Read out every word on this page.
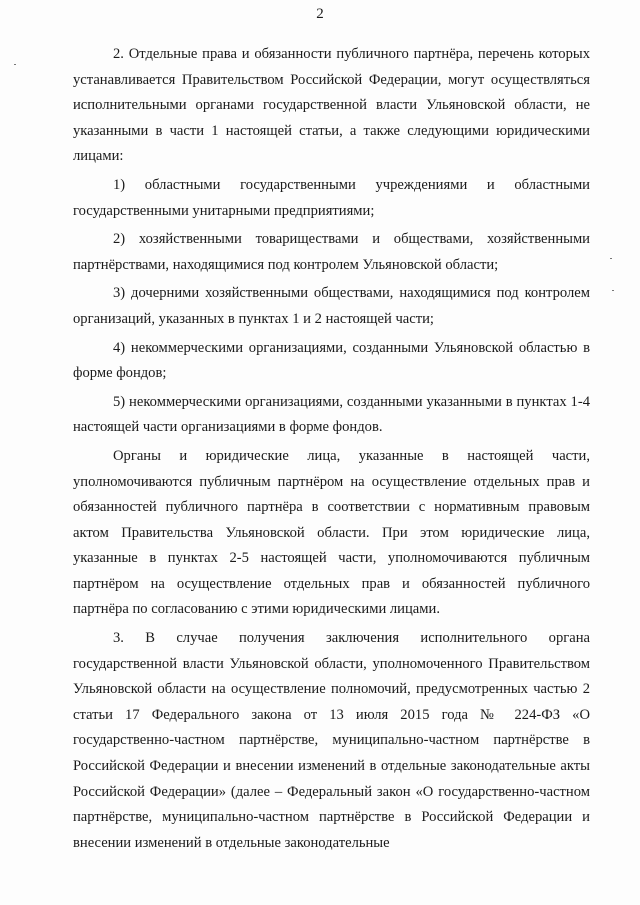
2

2. Отдельные права и обязанности публичного партнёра, перечень которых устанавливается Правительством Российской Федерации, могут осуществляться исполнительными органами государственной власти Ульяновской области, не указанными в части 1 настоящей статьи, а также следующими юридическими лицами:

1) областными государственными учреждениями и областными государственными унитарными предприятиями;

2) хозяйственными товариществами и обществами, хозяйственными партнёрствами, находящимися под контролем Ульяновской области;

3) дочерними хозяйственными обществами, находящимися под контролем организаций, указанных в пунктах 1 и 2 настоящей части;

4) некоммерческими организациями, созданными Ульяновской областью в форме фондов;

5) некоммерческими организациями, созданными указанными в пунктах 1-4 настоящей части организациями в форме фондов.

Органы и юридические лица, указанные в настоящей части, уполномочиваются публичным партнёром на осуществление отдельных прав и обязанностей публичного партнёра в соответствии с нормативным правовым актом Правительства Ульяновской области. При этом юридические лица, указанные в пунктах 2-5 настоящей части, уполномочиваются публичным партнёром на осуществление отдельных прав и обязанностей публичного партнёра по согласованию с этими юридическими лицами.

3. В случае получения заключения исполнительного органа государственной власти Ульяновской области, уполномоченного Правительством Ульяновской области на осуществление полномочий, предусмотренных частью 2 статьи 17 Федерального закона от 13 июля 2015 года № 224-ФЗ «О государственно-частном партнёрстве, муниципально-частном партнёрстве в Российской Федерации и внесении изменений в отдельные законодательные акты Российской Федерации» (далее – Федеральный закон «О государственно-частном партнёрстве, муниципально-частном партнёрстве в Российской Федерации и внесении изменений в отдельные законодательные
